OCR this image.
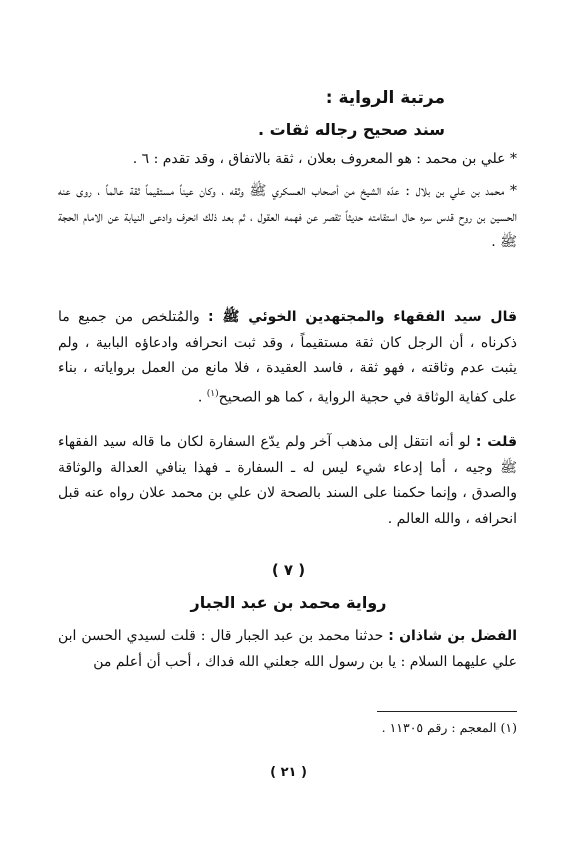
مرتبة الرواية :
سند صحيح رجاله ثقات .

* علي بن محمد : هو المعروف بعلان ، ثقة بالاتفاق ، وقد تقدم : ٦ .

* محمد بن علي بن بلال : عدّه الشيخ من أصحاب العسكري ﷺ وثقه ، وكان عيناً مستقيماً ثقة عالماً ، روى عنه الحسين بن روح قدس سره حال استقامته حديثاً تقصر عن فهمه العقول ، ثم بعد ذلك انحرف وادعى النيابة عن الامام الحجة ﷺ .

قال سيد الفقهاء والمجتهدين الخوئي ﷺ : والمُتلخص من جميع ما ذكرناه ، أن الرجل كان ثقة مستقيماً ، وقد ثبت انحرافه وادعاؤه البابية ، ولم يثبت عدم وثاقته ، فهو ثقة ، فاسد العقيدة ، فلا مانع من العمل برواياته ، بناء على كفاية الوثاقة في حجية الرواية ، كما هو الصحيح$^{(١)}$ .

قلت : لو أنه انتقل إلى مذهب آخر ولم يدّع السفارة لكان ما قاله سيد الفقهاء ﷺ وجيه ، أما إدعاء شيء ليس له ـ السفارة ـ فهذا ينافي العدالة والوثاقة والصدق ، وإنما حكمنا على السند بالصحة لان علي بن محمد علان رواه عنه قبل انحرافه ، والله العالم .

( ٧ )
رواية محمد بن عبد الجبار

الفضل بن شاذان : حدثنا محمد بن عبد الجبار قال : قلت لسيدي الحسن ابن علي عليهما السلام : يا بن رسول الله جعلني الله فداك ، أحب أن أعلم من

(١) المعجم : رقم ١١٣٠٥ .
( ٢١ )
